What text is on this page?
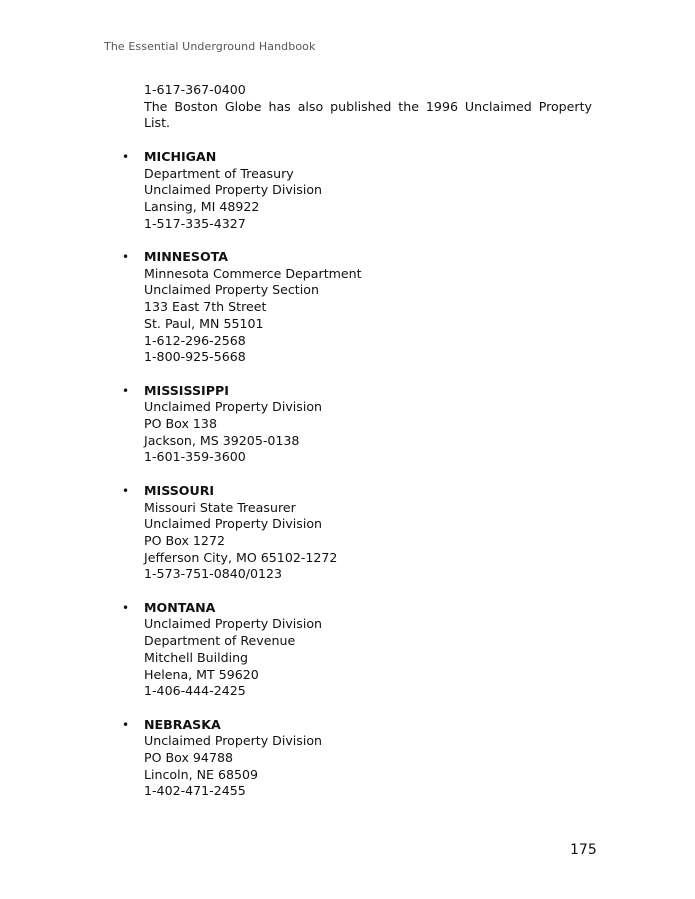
The Essential Underground Handbook
1-617-367-0400
The Boston Globe has also published the 1996 Unclaimed Property List.
• MICHIGAN
Department of Treasury
Unclaimed Property Division
Lansing, MI 48922
1-517-335-4327
• MINNESOTA
Minnesota Commerce Department
Unclaimed Property Section
133 East 7th Street
St. Paul, MN 55101
1-612-296-2568
1-800-925-5668
• MISSISSIPPI
Unclaimed Property Division
PO Box 138
Jackson, MS 39205-0138
1-601-359-3600
• MISSOURI
Missouri State Treasurer
Unclaimed Property Division
PO Box 1272
Jefferson City, MO 65102-1272
1-573-751-0840/0123
• MONTANA
Unclaimed Property Division
Department of Revenue
Mitchell Building
Helena, MT 59620
1-406-444-2425
• NEBRASKA
Unclaimed Property Division
PO Box 94788
Lincoln, NE 68509
1-402-471-2455
175
